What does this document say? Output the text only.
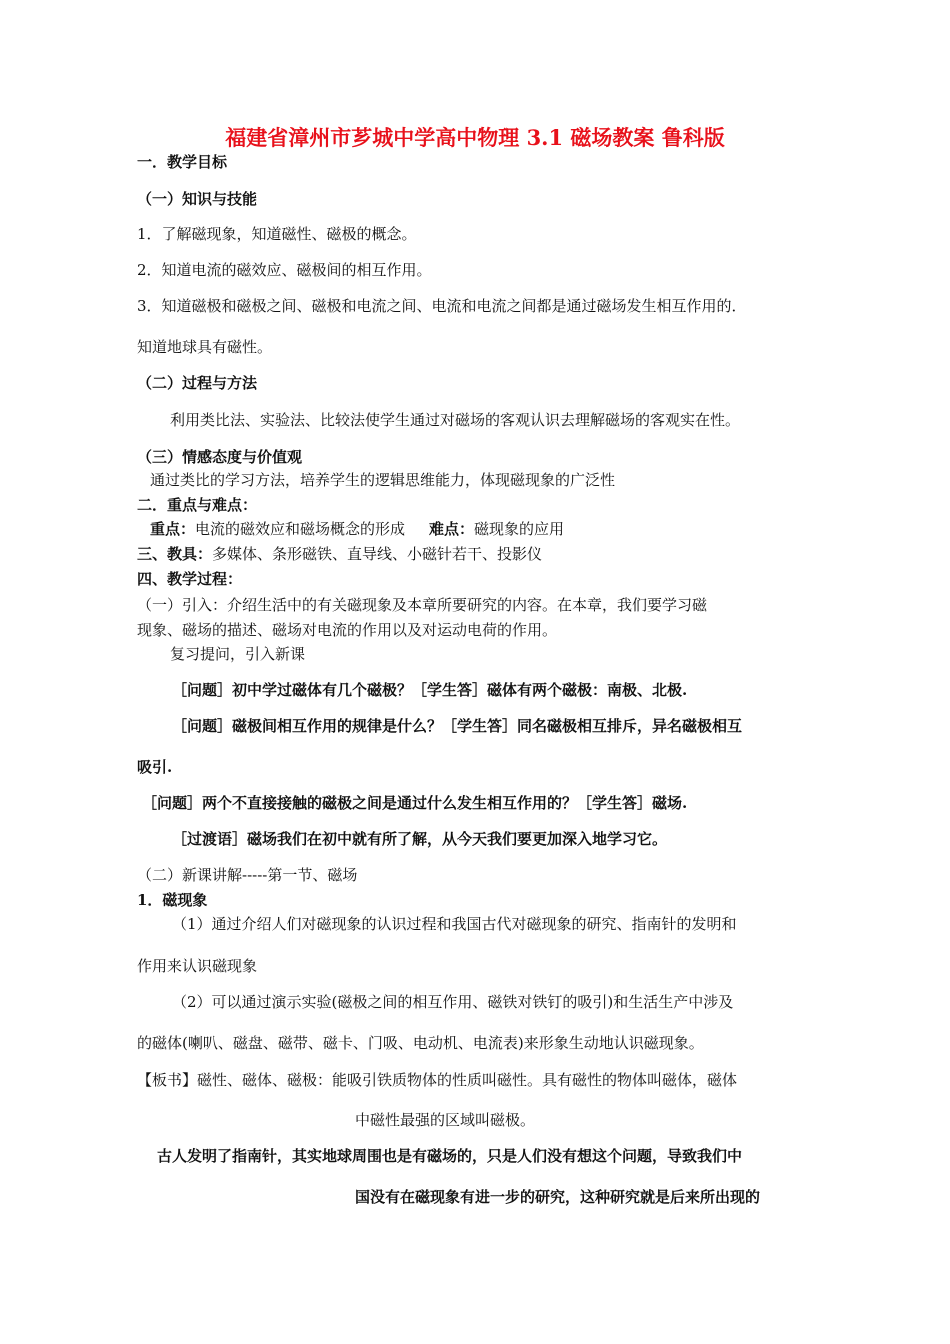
福建省漳州市芗城中学高中物理 3.1 磁场教案 鲁科版
一．教学目标
（一）知识与技能
1．了解磁现象，知道磁性、磁极的概念。
2．知道电流的磁效应、磁极间的相互作用。
3．知道磁极和磁极之间、磁极和电流之间、电流和电流之间都是通过磁场发生相互作用的．
知道地球具有磁性。
（二）过程与方法
利用类比法、实验法、比较法使学生通过对磁场的客观认识去理解磁场的客观实在性。
（三）情感态度与价值观
通过类比的学习方法，培养学生的逻辑思维能力，体现磁现象的广泛性
二．重点与难点：
重点：电流的磁效应和磁场概念的形成 难点：磁现象的应用
三、教具：多媒体、条形磁铁、直导线、小磁针若干、投影仪
四、教学过程：
（一）引入：介绍生活中的有关磁现象及本章所要研究的内容。在本章，我们要学习磁
现象、磁场的描述、磁场对电流的作用以及对运动电荷的作用。
复习提问，引入新课
［问题］初中学过磁体有几个磁极？［学生答］磁体有两个磁极：南极、北极.
［问题］磁极间相互作用的规律是什么？［学生答］同名磁极相互排斥，异名磁极相互
吸引.
［问题］两个不直接接触的磁极之间是通过什么发生相互作用的？［学生答］磁场.
［过渡语］磁场我们在初中就有所了解，从今天我们要更加深入地学习它。
（二）新课讲解-----第一节、磁场
1．磁现象
（1）通过介绍人们对磁现象的认识过程和我国古代对磁现象的研究、指南针的发明和
作用来认识磁现象
（2）可以通过演示实验(磁极之间的相互作用、磁铁对铁钉的吸引)和生活生产中涉及
的磁体(喇叭、磁盘、磁带、磁卡、门吸、电动机、电流表)来形象生动地认识磁现象。
【板书】磁性、磁体、磁极：能吸引铁质物体的性质叫磁性。具有磁性的物体叫磁体，磁体
中磁性最强的区域叫磁极。
古人发明了指南针，其实地球周围也是有磁场的，只是人们没有想这个问题，导致我们中
国没有在磁现象有进一步的研究，这种研究就是后来所出现的
